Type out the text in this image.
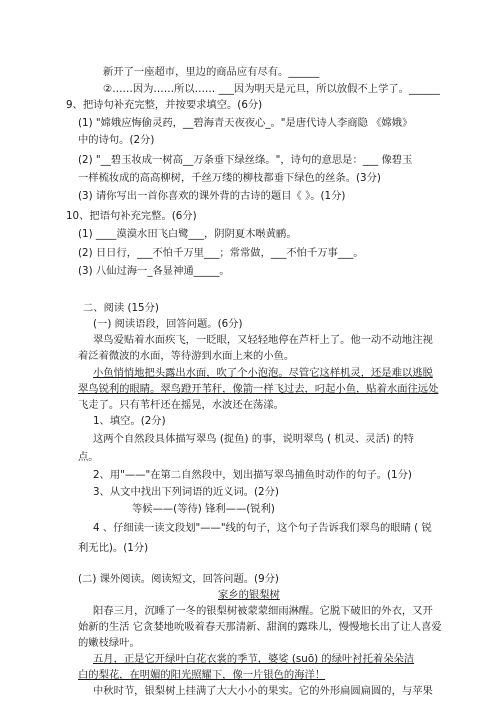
新开了一座超市，里边的商品应有尽有。______
②……因为……所以…… ___因为明天是元旦，所以放假不上学了。______
9、把诗句补充完整，并按要求填空。(6分)
(1) "嫦娥应悔偷灵药，__碧海青天夜夜心_。"是唐代诗人李商隐 《嫦娥》
中的诗句。(2分)
(2) "__碧玉妆成一树高__万条垂下绿丝绦。"，诗句的意思是：___ 像碧玉
一样梳妆成的高高柳树，千丝万缕的柳枝都垂下绿色的丝条。(3分)
(3) 请你写出一首你喜欢的课外背的古诗的题目《 》。(1分)
10、把语句补充完整。(6分)
(1) ____漠漠水田飞白鹭___，阴阴夏木啭黄鹂。
(2) 日日行，___不怕千万里___；常常做，___不怕千万事___。
(3) 八仙过海一_各显神通_____。
二、阅读 (15分)
(一) 阅读语段，回答问题。(6分)
翠鸟爱贴着水面疾飞，一眨眼，又轻轻地停在芦杆上了。他一动不动地注视
着泛着微波的水面，等待游到水面上来的小鱼。
小鱼悄悄地把头露出水面，吹了个小泡泡。尽管它这样机灵，还是难以逃脱
翠鸟锐利的眼睛。翠鸟蹬开苇秆，像箭一样飞过去，叼起小鱼，贴着水面往远处
飞走了。只有苇杆还在摇晃，水波还在荡漾。
1、填空。(2分)
这两个自然段具体描写翠鸟 (捉鱼) 的事，说明翠鸟 ( 机灵、灵活) 的特
点。
2、用"——"在第二自然段中，划出描写翠鸟捕鱼时动作的句子。(1分)
3、从文中找出下列词语的近义词。(2分)
等候——(等待) 锋利——(锐利)
4 、仔细读一读文段划"——"线的句子，这个句子告诉我们翠鸟的眼睛 ( 锐
利无比)。(1分)
(二) 课外阅读。阅读短文，回答问题。(9分)
家乡的银梨树
阳春三月，沉睡了一冬的银梨树被蒙蒙细雨淋醒。它脱下破旧的外衣，又开
始新的生活 它贪婪地吮吸着春天那清新、甜润的露珠儿，慢慢地长出了让人喜爱
的嫩枝绿叶。
五月，正是它开绿叶白花衣裳的季节，婆娑 (suō) 的绿叶衬托着朵朵洁
白的梨花，在明媚的阳光照耀下，像一片银色的海洋！
中秋时节，银梨树上挂满了大大小小的果实。它的外形扁圆扁圆的，与苹果
